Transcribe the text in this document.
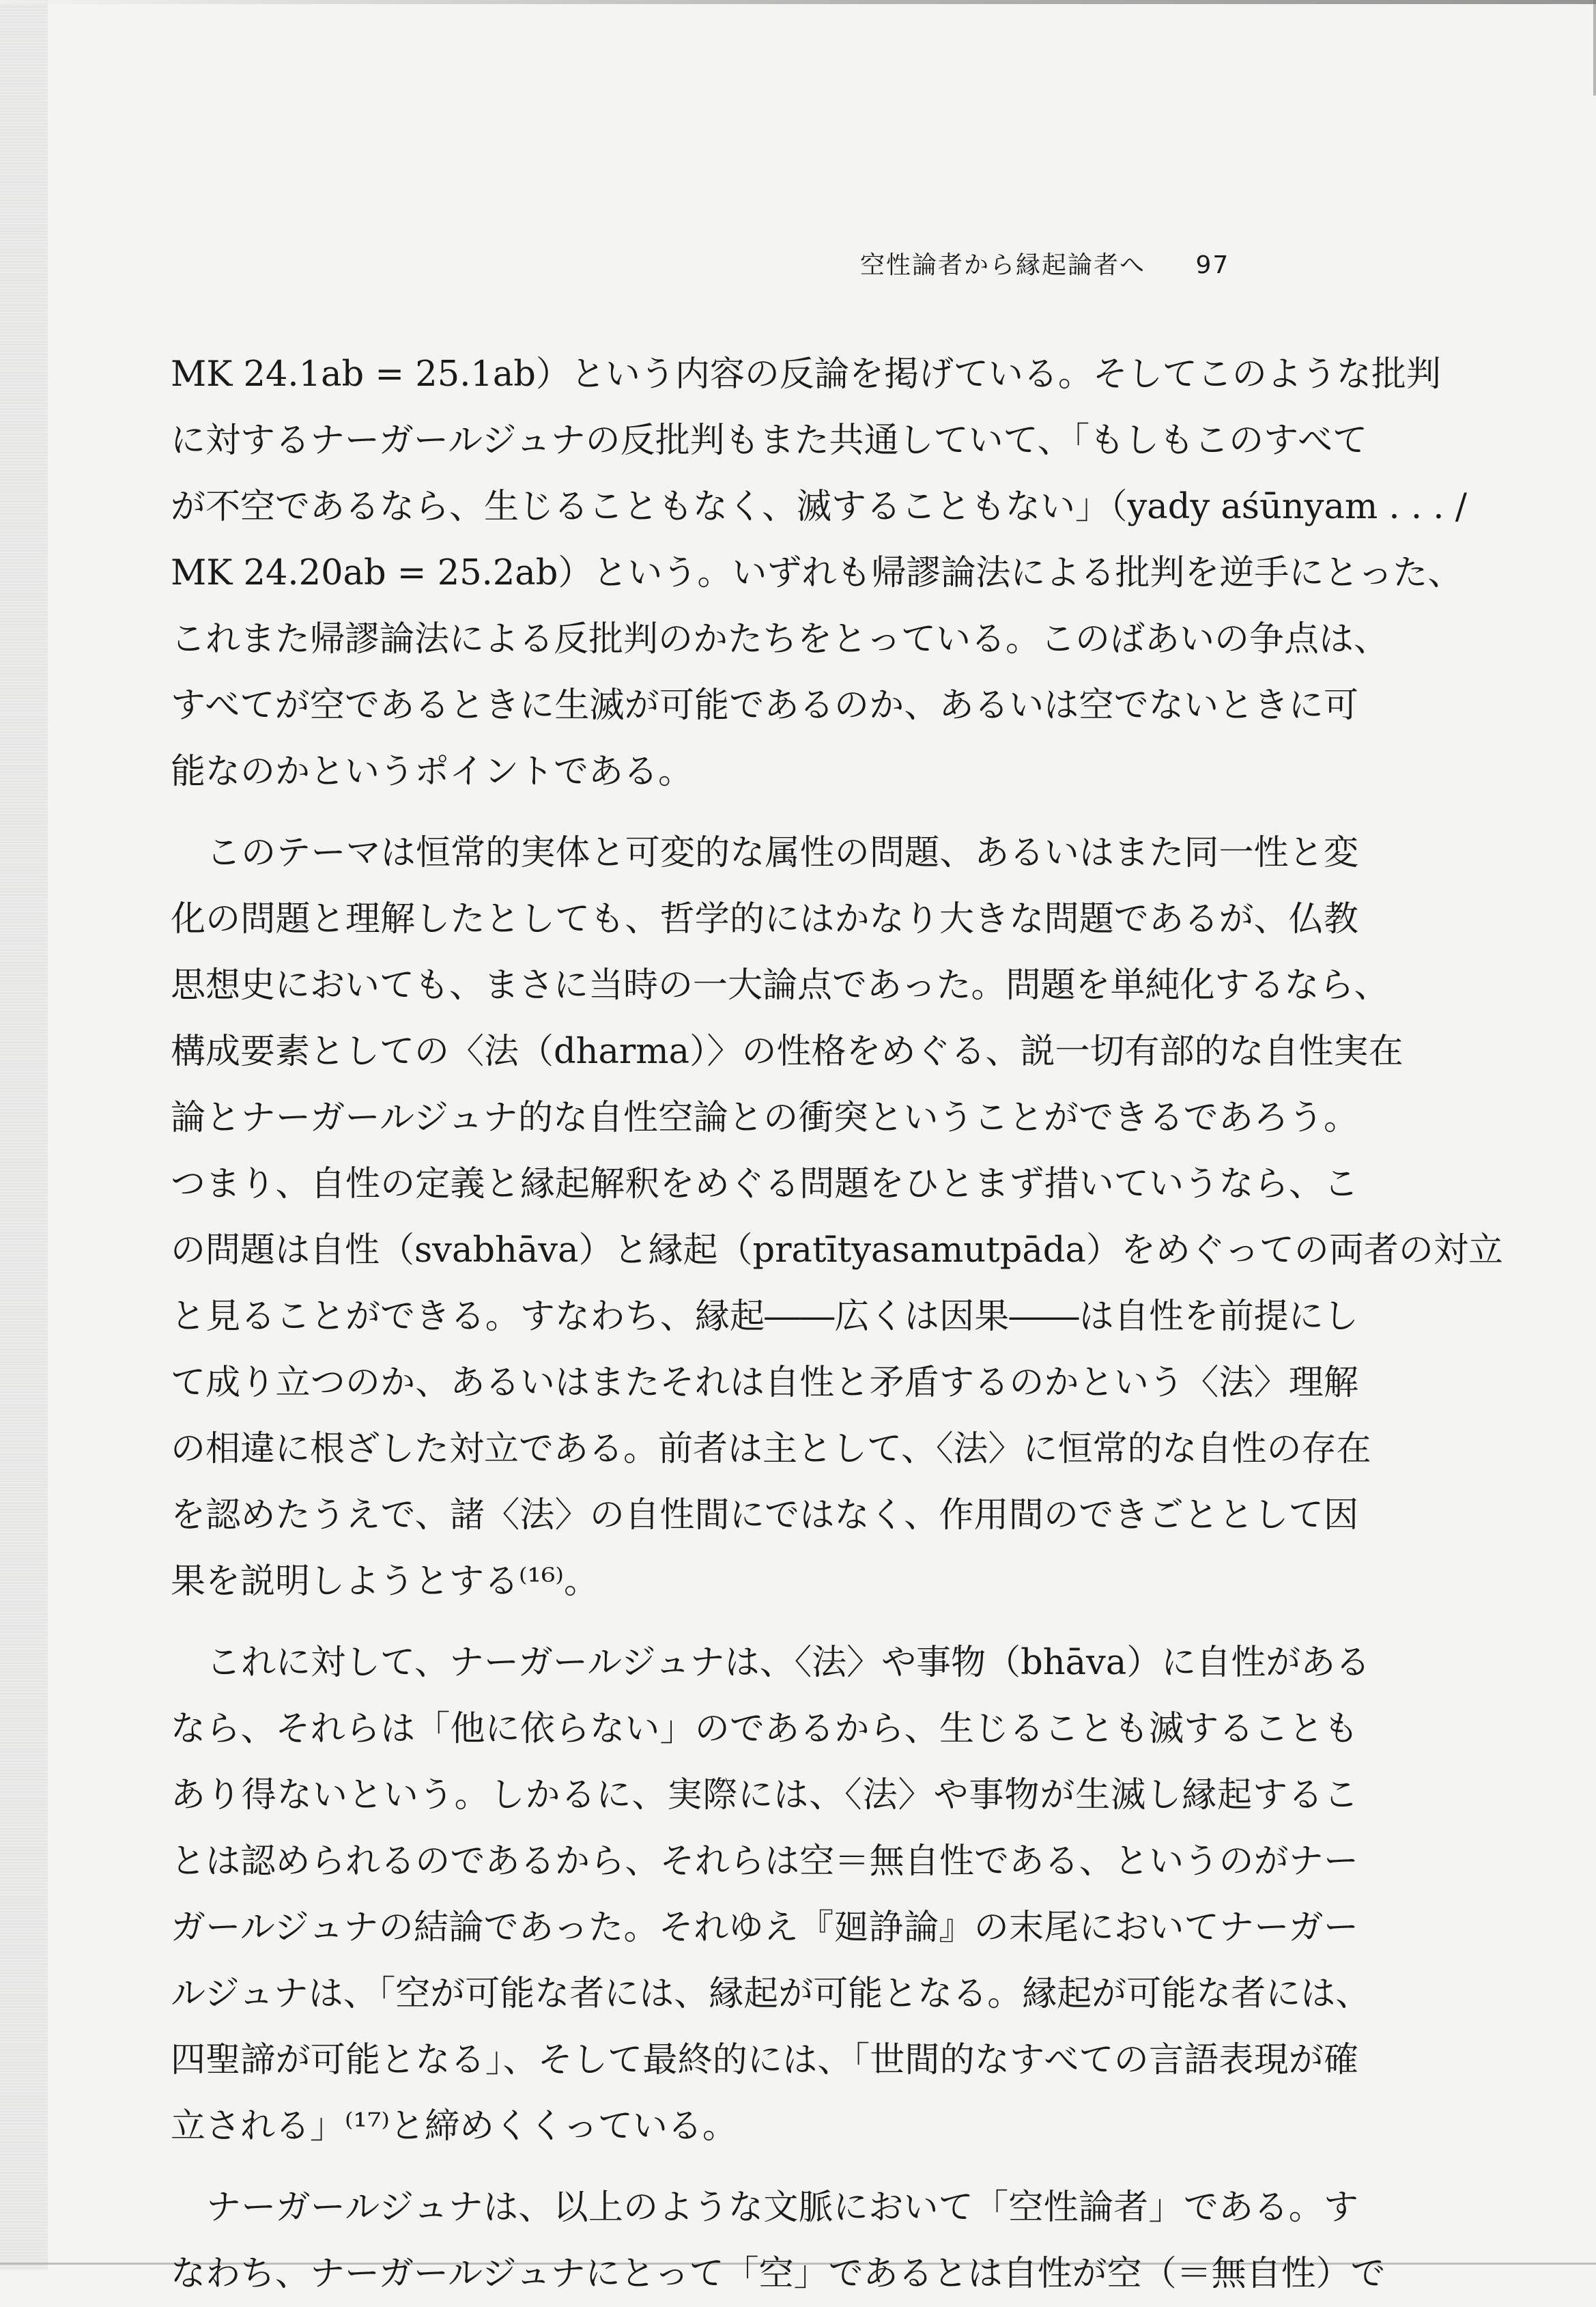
空性論者から縁起論者へ 97
MK 24.1ab = 25.1ab）という内容の反論を掲げている。そしてこのような批判
に対するナーガールジュナの反批判もまた共通していて、「もしもこのすべて
が不空であるなら、生じることもなく、滅することもない」（yady aśūnyam . . . /
MK 24.20ab = 25.2ab）という。いずれも帰謬論法による批判を逆手にとった、
これまた帰謬論法による反批判のかたちをとっている。このばあいの争点は、
すべてが空であるときに生滅が可能であるのか、あるいは空でないときに可
能なのかというポイントである。
このテーマは恒常的実体と可変的な属性の問題、あるいはまた同一性と変
化の問題と理解したとしても、哲学的にはかなり大きな問題であるが、仏教
思想史においても、まさに当時の一大論点であった。問題を単純化するなら、
構成要素としての〈法（dharma）〉の性格をめぐる、説一切有部的な自性実在
論とナーガールジュナ的な自性空論との衝突ということができるであろう。
つまり、自性の定義と縁起解釈をめぐる問題をひとまず措いていうなら、こ
の問題は自性（svabhāva）と縁起（pratītyasamutpāda）をめぐっての両者の対立
と見ることができる。すなわち、縁起――広くは因果――は自性を前提にし
て成り立つのか、あるいはまたそれは自性と矛盾するのかという〈法〉理解
の相違に根ざした対立である。前者は主として、〈法〉に恒常的な自性の存在
を認めたうえで、諸〈法〉の自性間にではなく、作用間のできごととして因
果を説明しようとする⁽¹⁶⁾。
これに対して、ナーガールジュナは、〈法〉や事物（bhāva）に自性がある
なら、それらは「他に依らない」のであるから、生じることも滅することも
あり得ないという。しかるに、実際には、〈法〉や事物が生滅し縁起するこ
とは認められるのであるから、それらは空＝無自性である、というのがナー
ガールジュナの結論であった。それゆえ『廻諍論』の末尾においてナーガー
ルジュナは、「空が可能な者には、縁起が可能となる。縁起が可能な者には、
四聖諦が可能となる」、そして最終的には、「世間的なすべての言語表現が確
立される」⁽¹⁷⁾と締めくくっている。
ナーガールジュナは、以上のような文脈において「空性論者」である。す
なわち、ナーガールジュナにとって「空」であるとは自性が空（＝無自性）で
